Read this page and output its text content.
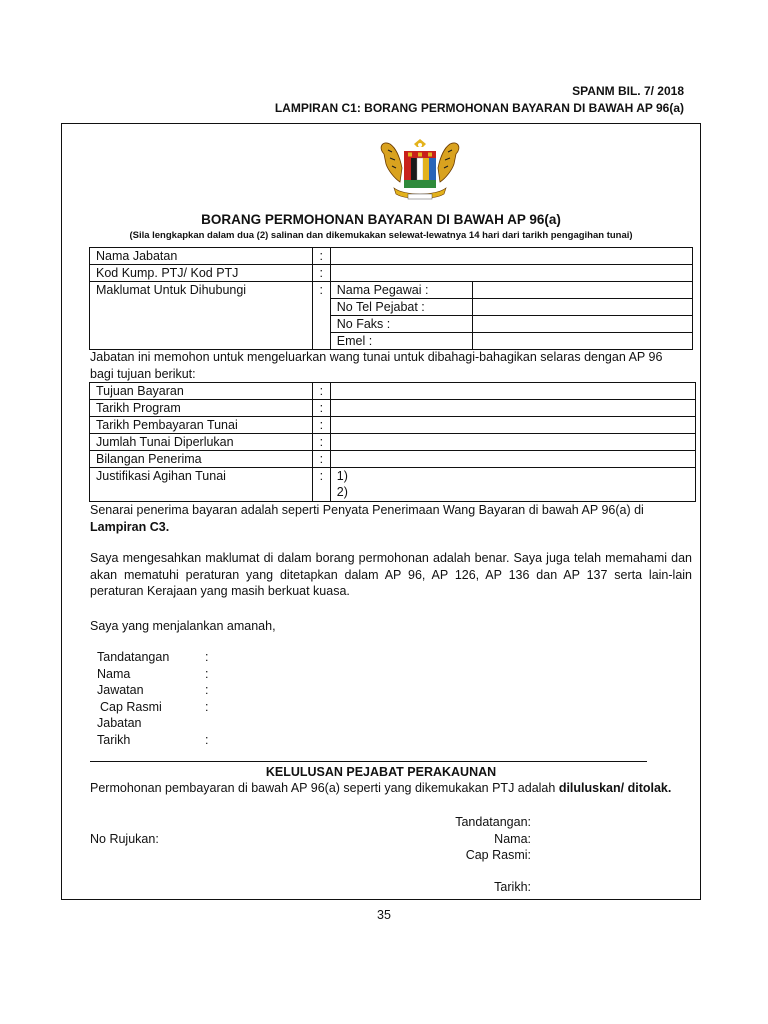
SPANM BIL. 7/ 2018
LAMPIRAN C1: BORANG PERMOHONAN BAYARAN DI BAWAH AP 96(a)
BORANG PERMOHONAN BAYARAN DI BAWAH AP 96(a)
(Sila lengkapkan dalam dua (2) salinan dan dikemukakan selewat-lewatnya 14 hari dari tarikh pengagihan tunai)
Nama Jabatan	:		
Kod Kump. PTJ/ Kod PTJ	:		
Maklumat Untuk Dihubungi	:	Nama Pegawai :	
		No Tel Pejabat :	
		No Faks :	
		Emel :	
Jabatan ini memohon untuk mengeluarkan wang tunai untuk dibahagi-bahagikan selaras dengan AP 96 bagi tujuan berikut:
Tujuan Bayaran	:	
Tarikh Program	:	
Tarikh Pembayaran Tunai	:	
Jumlah Tunai Diperlukan	:	
Bilangan Penerima	:	
Justifikasi Agihan Tunai	:	1)
2)
Senarai penerima bayaran adalah seperti Penyata Penerimaan Wang Bayaran di bawah AP 96(a) di Lampiran C3.
Saya mengesahkan maklumat di dalam borang permohonan adalah benar. Saya juga telah memahami dan akan mematuhi peraturan yang ditetapkan dalam AP 96, AP 126, AP 136 dan AP 137 serta lain-lain peraturan Kerajaan yang masih berkuat kuasa.
Saya yang menjalankan amanah,
Tandatangan	:
Nama	:
Jawatan	:
Cap Rasmi	:
Jabatan	
Tarikh	:
KELULUSAN PEJABAT PERAKAUNAN
Permohonan pembayaran di bawah AP 96(a) seperti yang dikemukakan PTJ adalah diluluskan/ ditolak.
No Rujukan:
Tandatangan:
Nama:
Cap Rasmi:
Tarikh:
35
